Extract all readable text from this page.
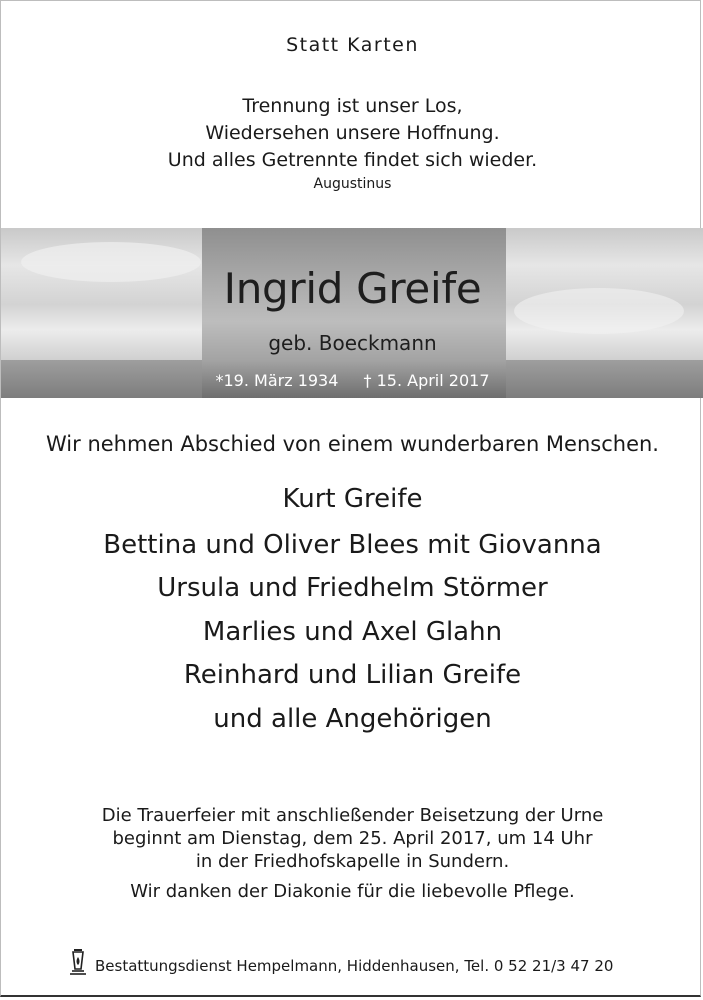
Statt Karten
Trennung ist unser Los,
Wiedersehen unsere Hoffnung.
Und alles Getrennte findet sich wieder.
Augustinus
Ingrid Greife
geb. Boeckmann
*19. März 1934 † 15. April 2017
Wir nehmen Abschied von einem wunderbaren Menschen.
Kurt Greife
Bettina und Oliver Blees mit Giovanna
Ursula und Friedhelm Störmer
Marlies und Axel Glahn
Reinhard und Lilian Greife
und alle Angehörigen
Die Trauerfeier mit anschließender Beisetzung der Urne
beginnt am Dienstag, dem 25. April 2017, um 14 Uhr
in der Friedhofskapelle in Sundern.
Wir danken der Diakonie für die liebevolle Pflege.
Bestattungsdienst Hempelmann, Hiddenhausen, Tel. 0 52 21/3 47 20
